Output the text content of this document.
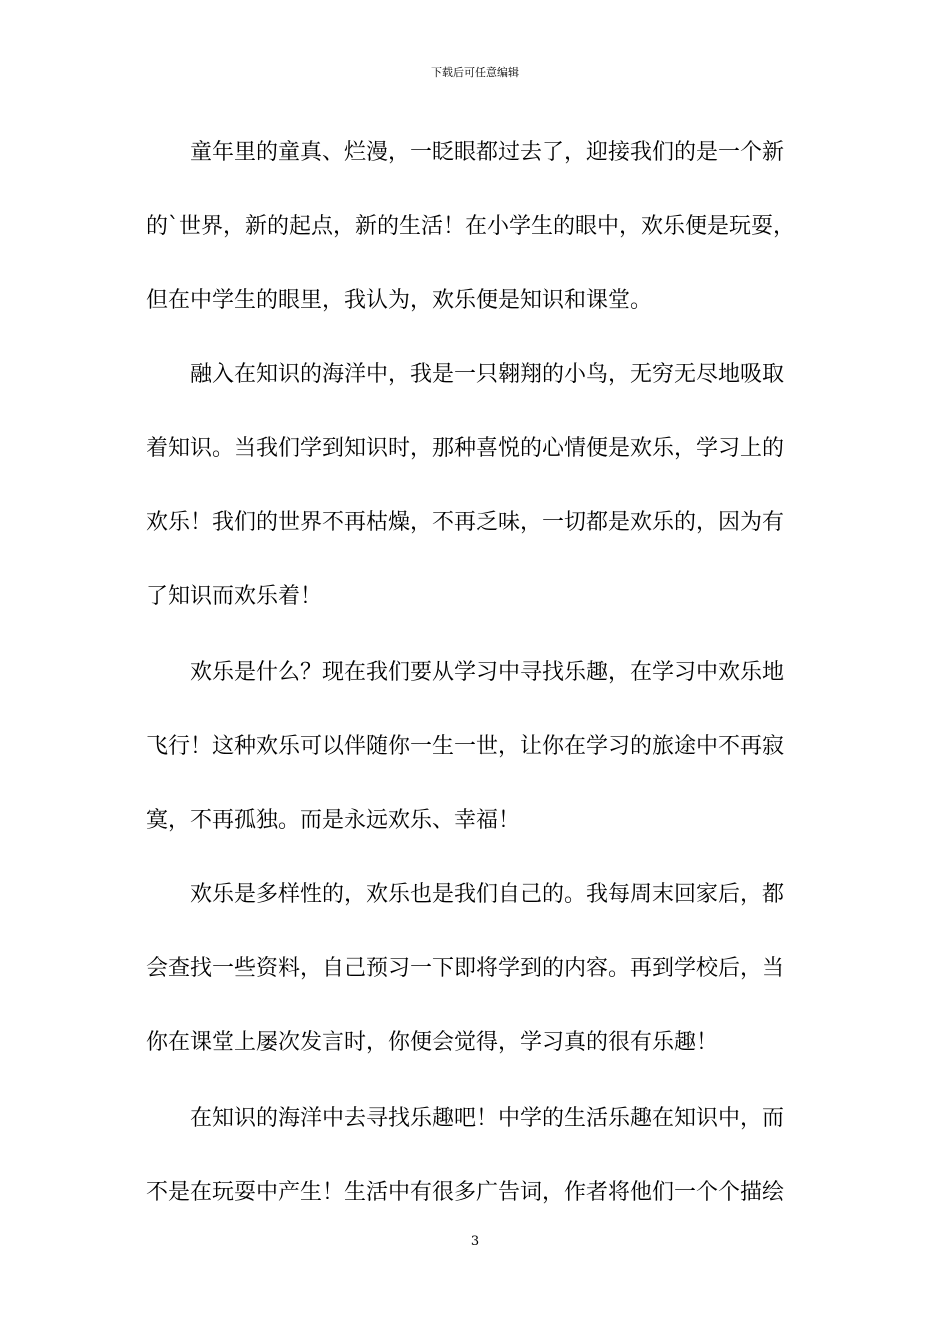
下载后可任意编辑
　　童年里的童真、烂漫，一眨眼都过去了，迎接我们的是一个新
的`世界，新的起点，新的生活！在小学生的眼中，欢乐便是玩耍，
但在中学生的眼里，我认为，欢乐便是知识和课堂。
　　融入在知识的海洋中，我是一只翱翔的小鸟，无穷无尽地吸取
着知识。当我们学到知识时，那种喜悦的心情便是欢乐，学习上的
欢乐！我们的世界不再枯燥，不再乏味，一切都是欢乐的，因为有
了知识而欢乐着！
　　欢乐是什么？现在我们要从学习中寻找乐趣，在学习中欢乐地
飞行！这种欢乐可以伴随你一生一世，让你在学习的旅途中不再寂
寞，不再孤独。而是永远欢乐、幸福！
　　欢乐是多样性的，欢乐也是我们自己的。我每周末回家后，都
会查找一些资料，自己预习一下即将学到的内容。再到学校后，当
你在课堂上屡次发言时，你便会觉得，学习真的很有乐趣！
　　在知识的海洋中去寻找乐趣吧！中学的生活乐趣在知识中，而
不是在玩耍中产生！生活中有很多广告词，作者将他们一个个描绘
3
